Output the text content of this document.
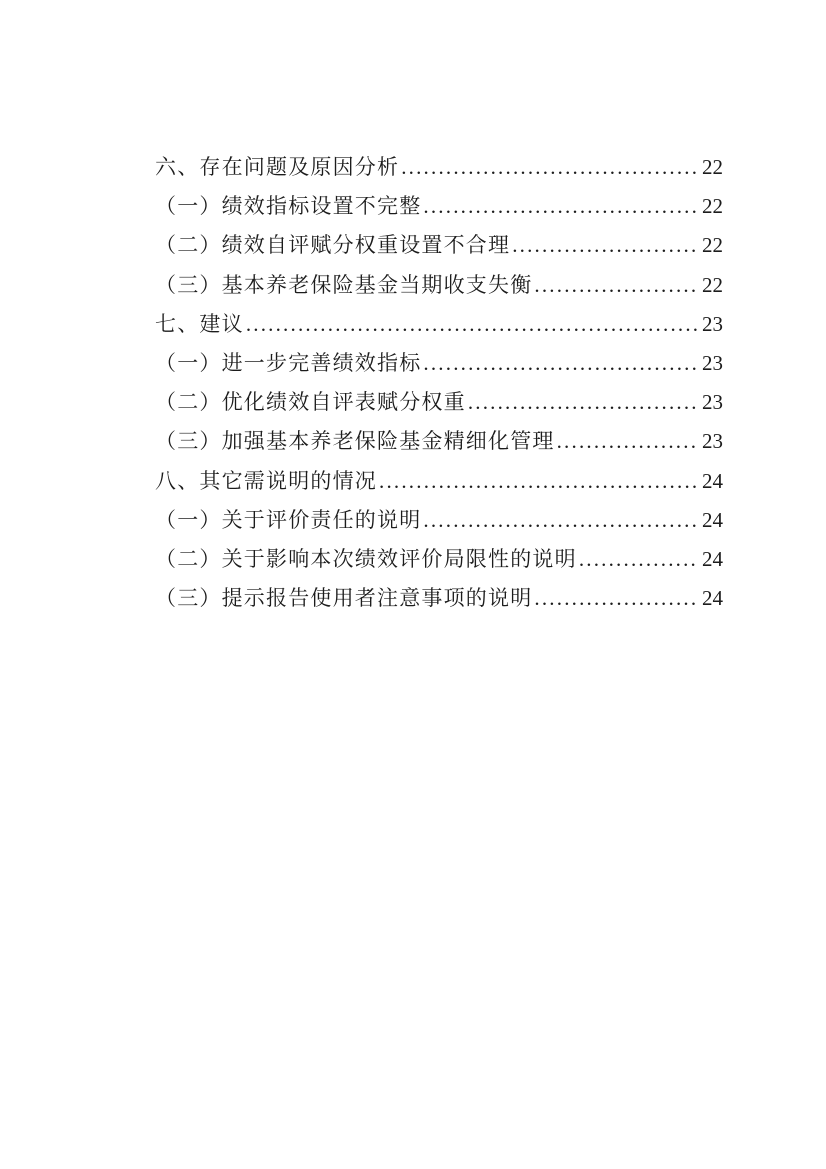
六、存在问题及原因分析 .....	22
（一）绩效指标设置不完整 .....	22
（二）绩效自评赋分权重设置不合理 .....	22
（三）基本养老保险基金当期收支失衡 .....	22
七、建议 .....	23
（一）进一步完善绩效指标 .....	23
（二）优化绩效自评表赋分权重 .....	23
（三）加强基本养老保险基金精细化管理 .....	23
八、其它需说明的情况 .....	24
（一）关于评价责任的说明 .....	24
（二）关于影响本次绩效评价局限性的说明 .....	24
（三）提示报告使用者注意事项的说明 .....	24
